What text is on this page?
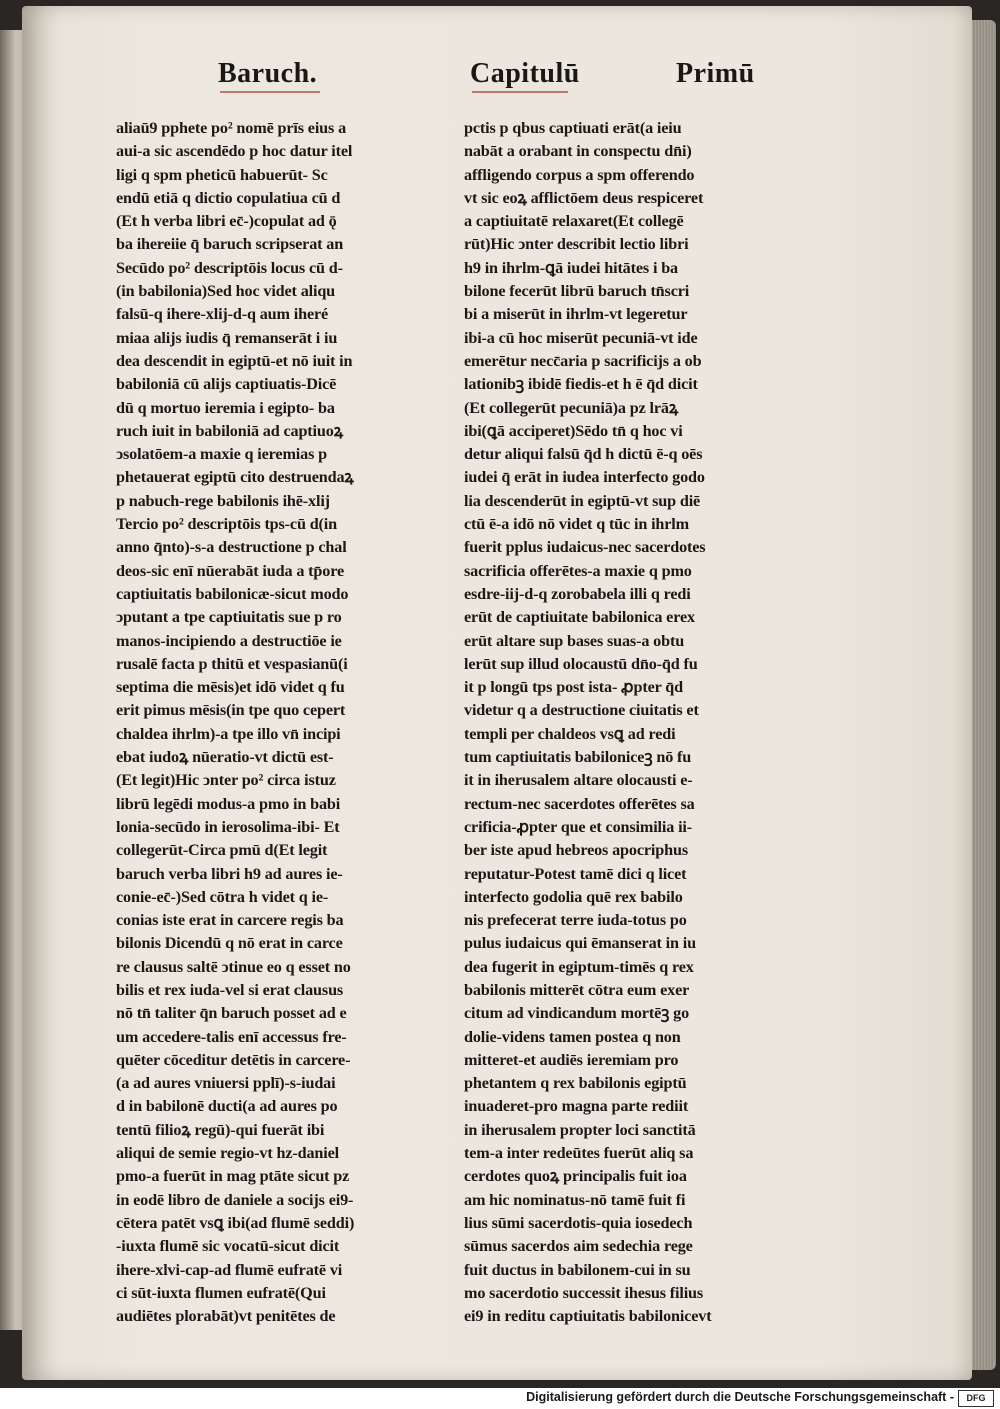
Baruch.	Capitulū	Primū
aliaū9 pphete po² nomē prīs eius a
aui-a sic ascendēdo p hoc datur itel
ligi q spm pheticū habuerūt- Sc
endū etiā q dictio copulatiua cū d
(Et h verba libri ec̄-)copulat ad ǭ
ba ihereiie q̄ baruch scripserat an
Secūdo po² descriptōis locus cū d-
(in babilonia)Sed hoc videt aliqu
falsū-q ihere-xlij-d-q aum iheré
miaa alijs iudis q̄ remanserāt i iu
dea descendit in egiptū-et nō iuit in
babiloniā cū alijs captiuatis-Dicē
dū q mortuo ieremia i egipto- ba
ruch iuit in babiloniā ad captiuoꝝ
ↄsolatōem-a maxie q ieremias p
phetauerat egiptū cito destruendaꝝ
p nabuch-rege babilonis ihē-xlij
Tercio po² descriptōis tps-cū d(in
anno q̄nto)-s-a destructione p chal
deos-sic enī nūerabāt iuda a tp̄ore
captiuitatis babilonicæ-sicut modo
ↄputant a tpe captiuitatis sue p ro
manos-incipiendo a destructiōe ie
rusalē facta p thitū et vespasianū(i
septima die mēsis)et idō videt q fu
erit pimus mēsis(in tpe quo cepert
chaldea ihrlm)-a tpe illo vn̄ incipi
ebat iudoꝝ nūeratio-vt dictū est-
(Et legit)Hic ↄnter po² circa istuz
librū legēdi modus-a pmo in babi
lonia-secūdo in ierosolima-ibi- Et
collegerūt-Circa pmū d(Et legit
baruch verba libri h9 ad aures ie-
conie-ec̄-)Sed cōtra h videt q ie-
conias iste erat in carcere regis ba
bilonis Dicendū q nō erat in carce
re clausus saltē ↄtinue eo q esset no
bilis et rex iuda-vel si erat clausus
nō tn̄ taliter q̄n baruch posset ad e
um accedere-talis enī accessus fre-
quēter cōceditur detētis in carcere-
(a ad aures vniuersi pplī)-s-iudai
d in babilonē ducti(a ad aures po
tentū filioꝝ regū)-qui fuerāt ibi
aliqui de semie regio-vt hz-daniel
pmo-a fuerūt in mag ptāte sicut pz
in eodē libro de daniele a socijs ei9-
cētera patēt vsꝗ ibi(ad flumē seddi)
-iuxta flumē sic vocatū-sicut dicit
ihere-xlvi-cap-ad flumē eufratē vi
ci sūt-iuxta flumen eufratē(Qui
audiētes plorabāt)vt penitētes de
pctis p qbus captiuati erāt(a ieiu
nabāt a orabant in conspectu dn̄i)
affligendo corpus a spm offerendo
vt sic eoꝝ afflictōem deus respiceret
a captiuitatē relaxaret(Et collegē
rūt)Hic ↄnter describit lectio libri
h9 in ihrlm-ꝗā iudei hitātes i ba
bilone fecerūt librū baruch tn̄scri
bi a miserūt in ihrlm-vt legeretur
ibi-a cū hoc miserūt pecuniā-vt ide
emerētur necc̄aria p sacrificijs a ob
lationibꝫ ibidē fiedis-et h ē q̄d dicit
(Et collegerūt pecuniā)a pz lrāꝝ
ibi(ꝗā acciperet)Sēdo tn̄ q hoc vi
detur aliqui falsū q̄d h dictū ē-q oēs
iudei q̄ erāt in iudea interfecto godo
lia descenderūt in egiptū-vt sup diē
ctū ē-a idō nō videt q tūc in ihrlm
fuerit pplus iudaicus-nec sacerdotes
sacrificia offerētes-a maxie q pmo
esdre-iij-d-q zorobabela illi q redi
erūt de captiuitate babilonica erex
erūt altare sup bases suas-a obtu
lerūt sup illud olocaustū dn̄o-q̄d fu
it p longū tps post ista- ꝓpter q̄d
videtur q a destructione ciuitatis et
templi per chaldeos vsꝗ ad redi
tum captiuitatis babiloniceꝫ nō fu
it in iherusalem altare olocausti e-
rectum-nec sacerdotes offerētes sa
crificia-ꝓpter que et consimilia ii-
ber iste apud hebreos apocriphus
reputatur-Potest tamē dici q licet
interfecto godolia quē rex babilo
nis prefecerat terre iuda-totus po
pulus iudaicus qui ēmanserat in iu
dea fugerit in egiptum-timēs q rex
babilonis mitterēt cōtra eum exer
citum ad vindicandum mortēꝫ go
dolie-videns tamen postea q non
mitteret-et audiēs ieremiam pro
phetantem q rex babilonis egiptū
inuaderet-pro magna parte rediit
in iherusalem propter loci sanctitā
tem-a inter redeūtes fuerūt aliq sa
cerdotes quoꝝ principalis fuit ioa
am hic nominatus-nō tamē fuit fi
lius sūmi sacerdotis-quia iosedech
sūmus sacerdos aim sedechia rege
fuit ductus in babilonem-cui in su
mo sacerdotio successit ihesus filius
ei9 in reditu captiuitatis babilonicevt
Digitalisierung gefördert durch die Deutsche Forschungsgemeinschaft -	DFG
